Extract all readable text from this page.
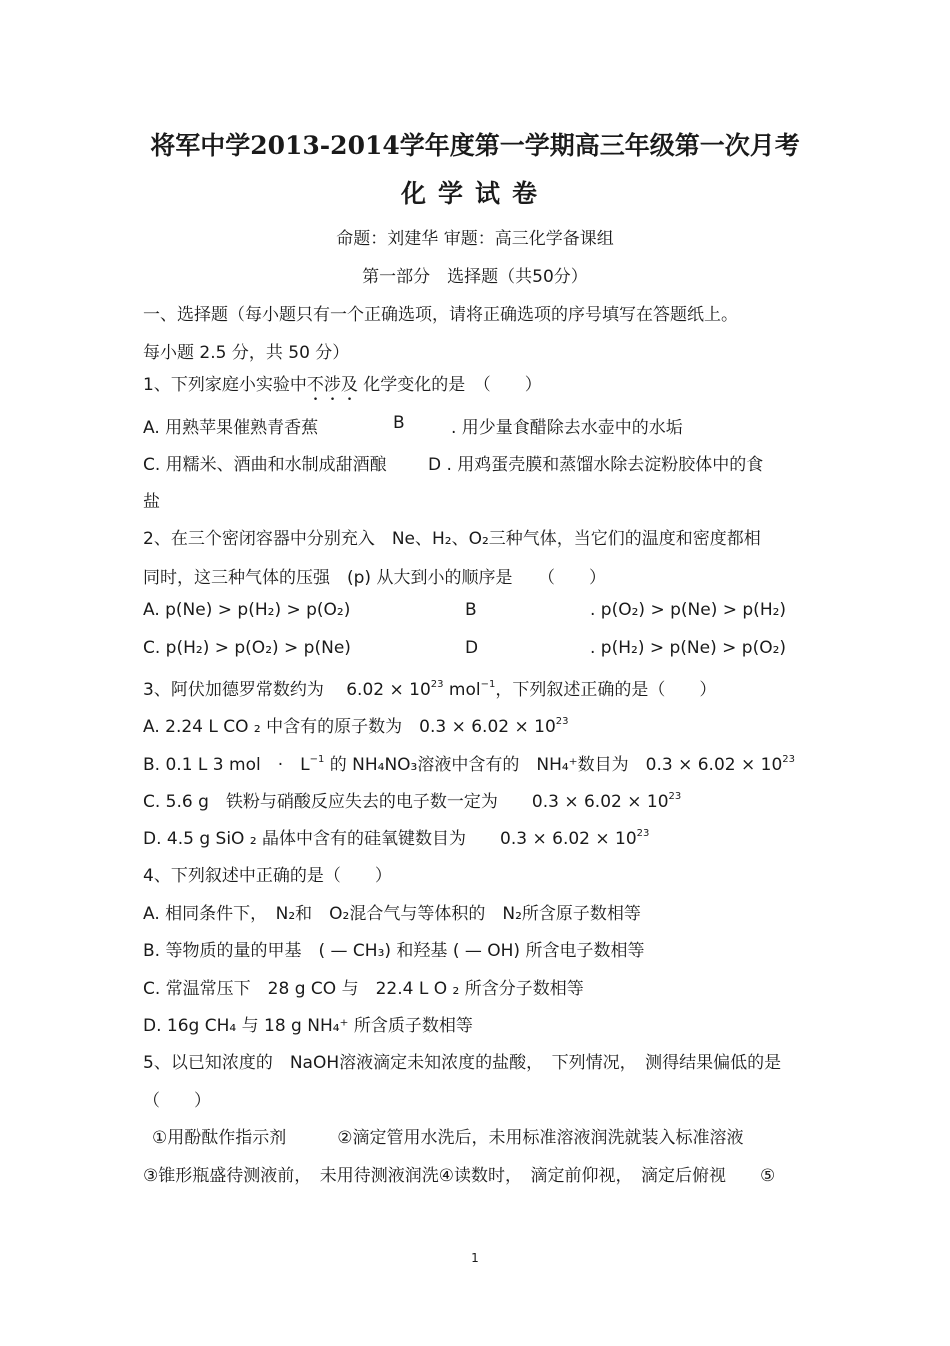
将军中学2013-2014学年度第一学期高三年级第一次月考
化学试卷
命题：刘建华 审题：高三化学备课组
第一部分　选择题（共50分）
一、选择题（每小题只有一个正确选项，请将正确选项的序号填写在答题纸上。
每小题 2.5 分，共 50 分）
1、下列家庭小实验中不涉及 化学变化的是　（　　）
A. 用熟苹果催熟青香蕉	B	. 用少量食醋除去水壶中的水垢
C. 用糯米、酒曲和水制成甜酒酿 D . 用鸡蛋壳膜和蒸馏水除去淀粉胶体中的食
盐
2、在三个密闭容器中分别充入　Ne、H₂、O₂三种气体，当它们的温度和密度都相
同时，这三种气体的压强　(p) 从大到小的顺序是　　（　　）
A. p(Ne) > p(H₂) > p(O₂)	B	. p(O₂) > p(Ne) > p(H₂)
C. p(H₂) > p(O₂) > p(Ne)	D	. p(H₂) > p(Ne) > p(O₂)
3、阿伏加德罗常数约为　 $6.02 \times 10^{23}$ mol$^{-1}$，下列叙述正确的是（　　）
A. 2.24 L CO ₂ 中含有的原子数为　$0.3 \times 6.02 \times 10^{23}$
B. 0.1 L 3 mol　·　$L^{-1}$ 的 NH₄NO₃溶液中含有的　NH₄⁺数目为　$0.3 \times 6.02 \times 10^{23}$
C. 5.6 g　铁粉与硝酸反应失去的电子数一定为　　$0.3 \times 6.02 \times 10^{23}$
D. 4.5 g SiO ₂ 晶体中含有的硅氧键数目为　　$0.3 \times 6.02 \times 10^{23}$
4、下列叙述中正确的是（　　）
A. 相同条件下，　N₂和　O₂混合气与等体积的　N₂所含原子数相等
B. 等物质的量的甲基　( — CH₃) 和羟基 ( — OH) 所含电子数相等
C. 常温常压下　28 g CO 与　22.4 L O ₂ 所含分子数相等
D. 16g CH₄ 与 18 g NH₄⁺ 所含质子数相等
5、以已知浓度的　NaOH溶液滴定未知浓度的盐酸，　下列情况，　测得结果偏低的是
（　　）
①用酚酞作指示剂　　　②滴定管用水洗后，未用标准溶液润洗就装入标准溶液
③锥形瓶盛待测液前，　未用待测液润洗④读数时，　滴定前仰视，　滴定后俯视　　⑤
1
